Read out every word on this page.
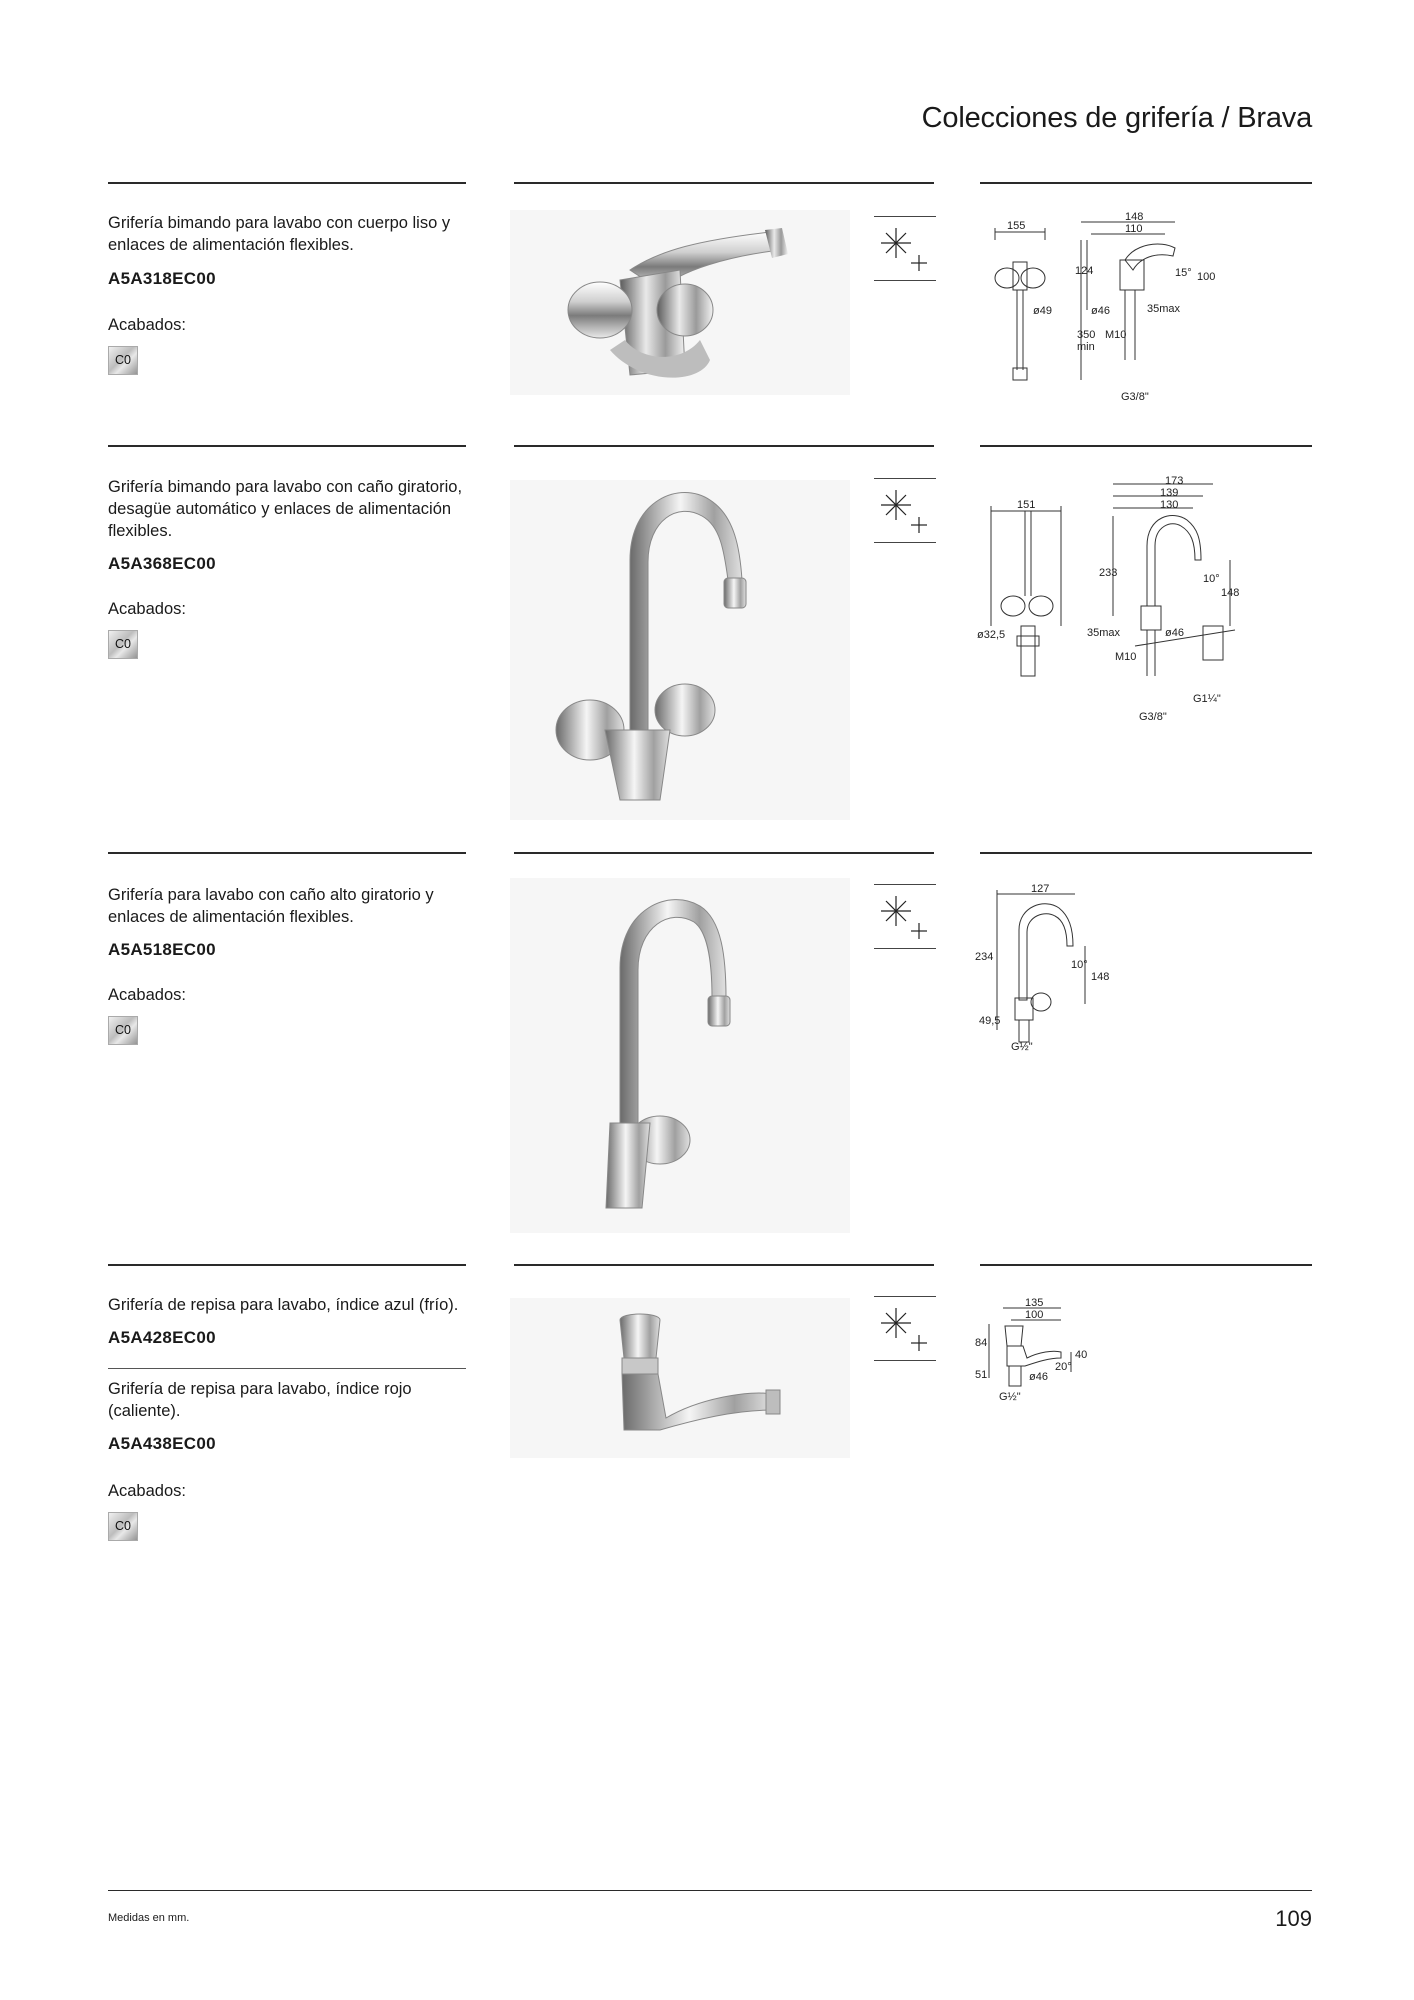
Colecciones de grifería / Brava
Grifería bimando para lavabo con cuerpo liso y enlaces de alimentación flexibles.
A5A318EC00
Acabados:
C0
155
148
110
124	15° 100
ø49	ø46	35max
350
min
M10
G3/8"
Grifería bimando para lavabo con caño giratorio, desagüe automático y enlaces de alimentación flexibles.
A5A368EC00
Acabados:
C0
173
139
130
151
233	10°
148
ø32,5	35max	ø46
M10
G1¼"
G3/8"
Grifería para lavabo con caño alto giratorio y enlaces de alimentación flexibles.
A5A518EC00
Acabados:
C0
127
234
10°
148
49,5
G½"
Grifería de repisa para lavabo, índice azul (frío).
A5A428EC00
Grifería de repisa para lavabo, índice rojo (caliente).
A5A438EC00
Acabados:
C0
135
100
84
40
20°
51	ø46
G½"
Medidas en mm.	109
